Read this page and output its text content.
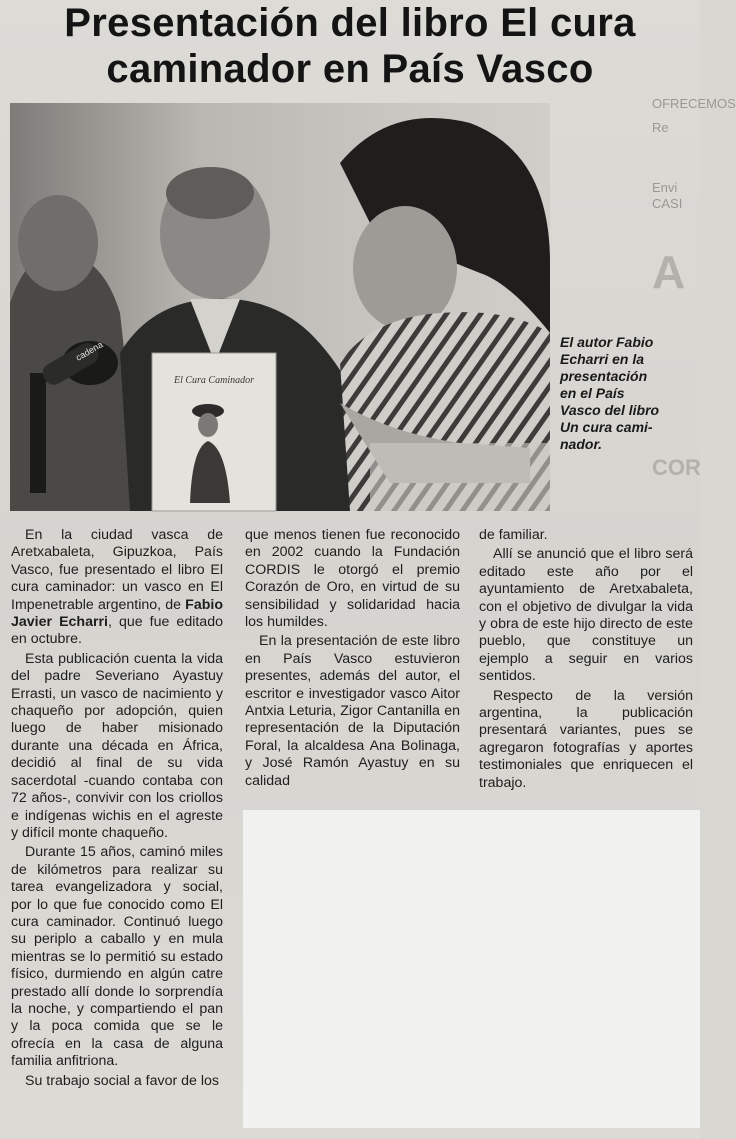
OFRECEMOS
Re
Envi
CASI
A
COR
Presentación del libro El cura
caminador en País Vasco
cadena
El Cura Caminador
El autor Fabio
Echarri en la
presentación
en el País
Vasco del libro
Un cura cami-
nador.

En la ciudad vasca de Aretxabaleta, Gipuzkoa, País Vasco, fue presentado el libro El cura caminador: un vasco en El Impenetrable argentino, de Fabio Javier Echarri, que fue editado en octubre.

Esta publicación cuenta la vida del padre Severiano Ayastuy Errasti, un vasco de nacimiento y chaqueño por adopción, quien luego de haber misionado durante una década en África, decidió al final de su vida sacerdotal -cuando contaba con 72 años-, convivir con los criollos e indígenas wichis en el agreste y difícil monte chaqueño.

Durante 15 años, caminó miles de kilómetros para realizar su tarea evangelizadora y social, por lo que fue conocido como El cura caminador. Continuó luego su periplo a caballo y en mula mientras se lo permitió su estado físico, durmiendo en algún catre prestado allí donde lo sorprendía la noche, y compartiendo el pan y la poca comida que se le ofrecía en la casa de alguna familia anfitriona.

Su trabajo social a favor de los

que menos tienen fue reconocido en 2002 cuando la Fundación CORDIS le otorgó el premio Corazón de Oro, en virtud de su sensibilidad y solidaridad hacia los humildes.

En la presentación de este libro en País Vasco estuvieron presentes, además del autor, el escritor e investigador vasco Aitor Antxia Leturia, Zigor Cantanilla en representación de la Diputación Foral, la alcaldesa Ana Bolinaga, y José Ramón Ayastuy en su calidad

de familiar.

Allí se anunció que el libro será editado este año por el ayuntamiento de Aretxabaleta, con el objetivo de divulgar la vida y obra de este hijo directo de este pueblo, que constituye un ejemplo a seguir en varios sentidos.

Respecto de la versión argentina, la publicación presentará variantes, pues se agregaron fotografías y aportes testimoniales que enriquecen el trabajo.
